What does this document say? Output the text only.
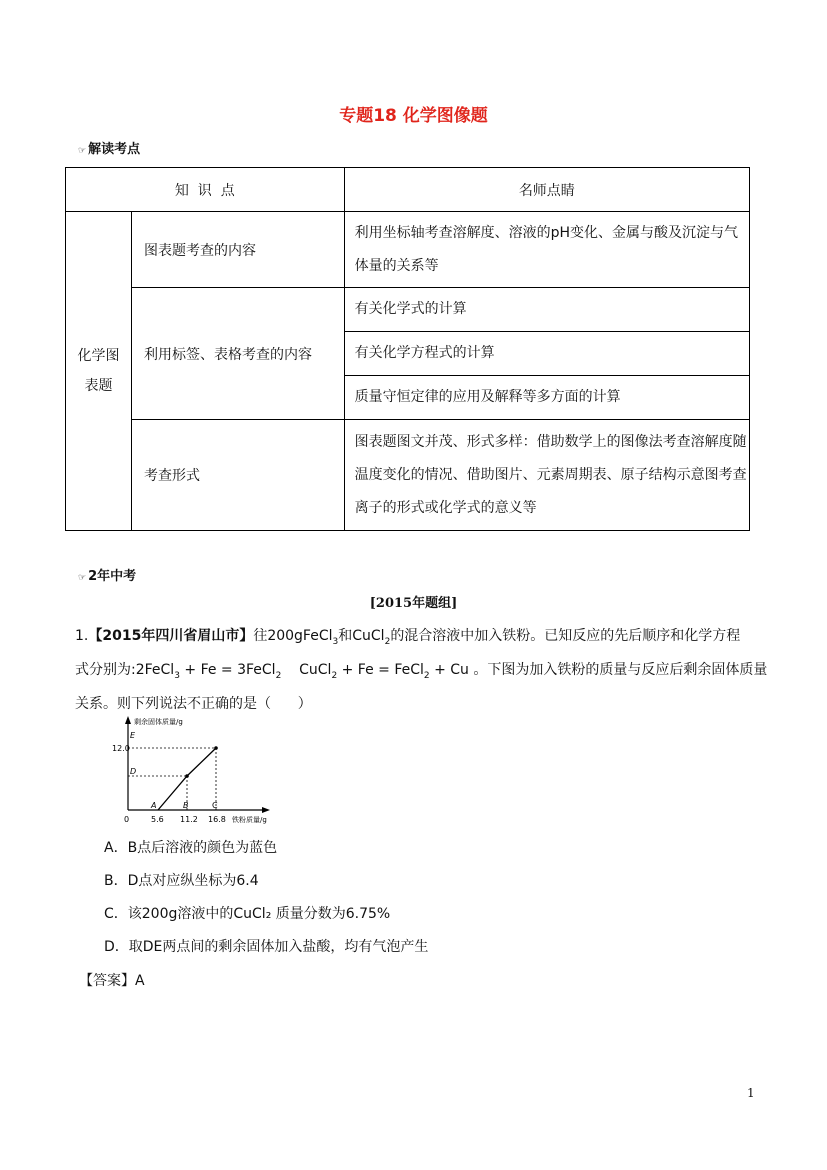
专题18 化学图像题
☞ 解读考点
知  识  点		名师点睛

化学图表题	图表题考查的内容	利用坐标轴考查溶解度、溶液的pH变化、金属与酸及沉淀与气体量的关系等
	利用标签、表格考查的内容	有关化学式的计算
		有关化学方程式的计算
		质量守恒定律的应用及解释等多方面的计算
	考查形式	图表题图文并茂、形式多样：借助数学上的图像法考查溶解度随温度变化的情况、借助图片、元素周期表、原子结构示意图考查离子的形式或化学式的意义等
☞ 2年中考
[2015年题组]
1.【2015年四川省眉山市】往200gFeCl$_3$和CuCl$_2$的混合溶液中加入铁粉。已知反应的先后顺序和化学方程
式分别为:2FeCl$_3$ + Fe = 3FeCl$_2$    CuCl$_2$ + Fe = FeCl$_2$ + Cu 。下图为加入铁粉的质量与反应后剩余固体质量
关系。则下列说法不正确的是（      ）
剩余固体质量/g
铁粉质量/g
12.0
0	5.6 11.2 16.8
A	B	C
D
E
A．B点后溶液的颜色为蓝色
B．D点对应纵坐标为6.4
C．该200g溶液中的CuCl₂ 质量分数为6.75%
D．取DE两点间的剩余固体加入盐酸，均有气泡产生
【答案】A
1
